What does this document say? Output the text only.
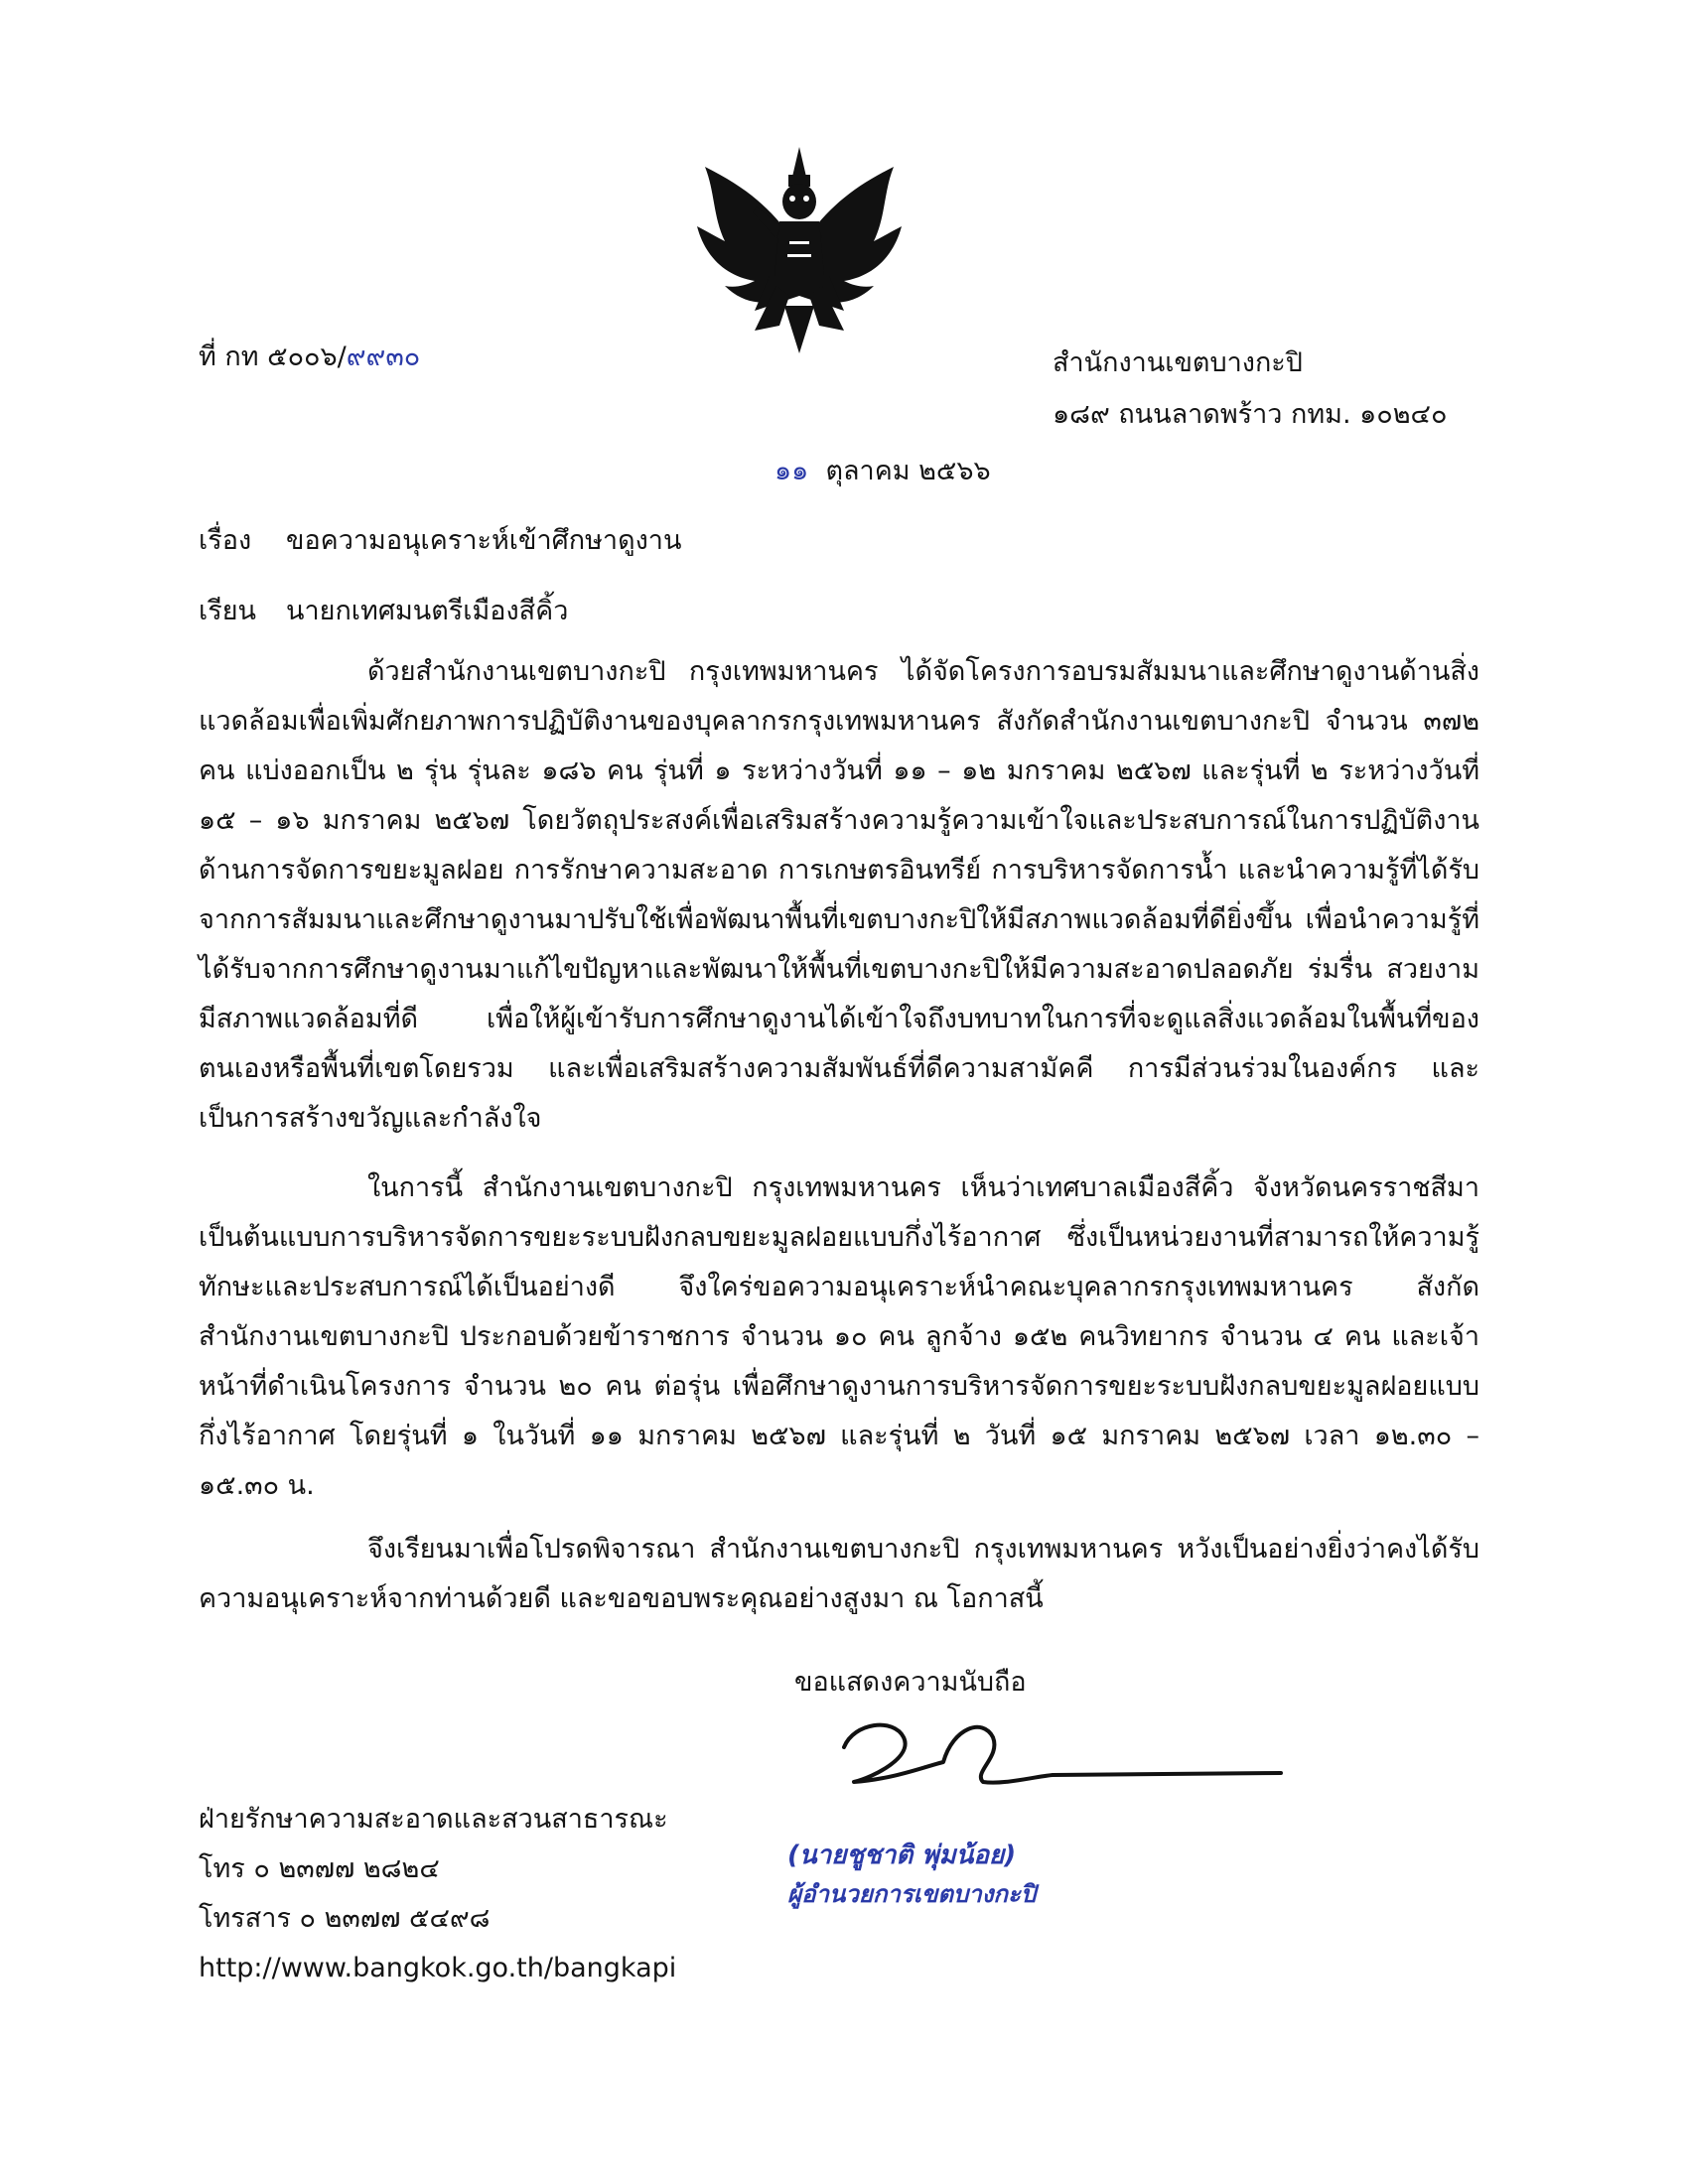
ที่ กท ๕๐๐๖/๙๙๓๐	สำนักงานเขตบางกะปิ
๑๘๙ ถนนลาดพร้าว กทม. ๑๐๒๔๐
๑๑ ตุลาคม ๒๕๖๖
เรื่อง ขอความอนุเคราะห์เข้าศึกษาดูงาน
เรียน นายกเทศมนตรีเมืองสีคิ้ว

ด้วยสำนักงานเขตบางกะปิ กรุงเทพมหานคร ได้จัดโครงการอบรมสัมมนาและศึกษาดูงานด้านสิ่งแวดล้อมเพื่อเพิ่มศักยภาพการปฏิบัติงานของบุคลากรกรุงเทพมหานคร สังกัดสำนักงานเขตบางกะปิ จำนวน ๓๗๒ คน แบ่งออกเป็น ๒ รุ่น รุ่นละ ๑๘๖ คน รุ่นที่ ๑ ระหว่างวันที่ ๑๑ – ๑๒ มกราคม ๒๕๖๗ และรุ่นที่ ๒ ระหว่างวันที่ ๑๕ – ๑๖ มกราคม ๒๕๖๗ โดยวัตถุประสงค์เพื่อเสริมสร้างความรู้ความเข้าใจและประสบการณ์ในการปฏิบัติงานด้านการจัดการขยะมูลฝอย การรักษาความสะอาด การเกษตรอินทรีย์ การบริหารจัดการน้ำ และนำความรู้ที่ได้รับจากการสัมมนาและศึกษาดูงานมาปรับใช้เพื่อพัฒนาพื้นที่เขตบางกะปิให้มีสภาพแวดล้อมที่ดียิ่งขึ้น เพื่อนำความรู้ที่ได้รับจากการศึกษาดูงานมาแก้ไขปัญหาและพัฒนาให้พื้นที่เขตบางกะปิให้มีความสะอาดปลอดภัย ร่มรื่น สวยงาม มีสภาพแวดล้อมที่ดี เพื่อให้ผู้เข้ารับการศึกษาดูงานได้เข้าใจถึงบทบาทในการที่จะดูแลสิ่งแวดล้อมในพื้นที่ของตนเองหรือพื้นที่เขตโดยรวม และเพื่อเสริมสร้างความสัมพันธ์ที่ดีความสามัคคี การมีส่วนร่วมในองค์กร และเป็นการสร้างขวัญและกำลังใจ

ในการนี้ สำนักงานเขตบางกะปิ กรุงเทพมหานคร เห็นว่าเทศบาลเมืองสีคิ้ว จังหวัดนครราชสีมา เป็นต้นแบบการบริหารจัดการขยะระบบฝังกลบขยะมูลฝอยแบบกึ่งไร้อากาศ ซึ่งเป็นหน่วยงานที่สามารถให้ความรู้ ทักษะและประสบการณ์ได้เป็นอย่างดี จึงใคร่ขอความอนุเคราะห์นำคณะบุคลากรกรุงเทพมหานคร สังกัดสำนักงานเขตบางกะปิ ประกอบด้วยข้าราชการ จำนวน ๑๐ คน ลูกจ้าง ๑๕๒ คนวิทยากร จำนวน ๔ คน และเจ้าหน้าที่ดำเนินโครงการ จำนวน ๒๐ คน ต่อรุ่น เพื่อศึกษาดูงานการบริหารจัดการขยะระบบฝังกลบขยะมูลฝอยแบบกึ่งไร้อากาศ โดยรุ่นที่ ๑ ในวันที่ ๑๑ มกราคม ๒๕๖๗ และรุ่นที่ ๒ วันที่ ๑๕ มกราคม ๒๕๖๗ เวลา ๑๒.๓๐ – ๑๕.๓๐ น.

จึงเรียนมาเพื่อโปรดพิจารณา สำนักงานเขตบางกะปิ กรุงเทพมหานคร หวังเป็นอย่างยิ่งว่าคงได้รับความอนุเคราะห์จากท่านด้วยดี และขอขอบพระคุณอย่างสูงมา ณ โอกาสนี้

ขอแสดงความนับถือ
(นายชูชาติ พุ่มน้อย)
ผู้อำนวยการเขตบางกะปิ
ฝ่ายรักษาความสะอาดและสวนสาธารณะ
โทร ๐ ๒๓๗๗ ๒๘๒๔
โทรสาร ๐ ๒๓๗๗ ๕๔๙๘
http://www.bangkok.go.th/bangkapi
